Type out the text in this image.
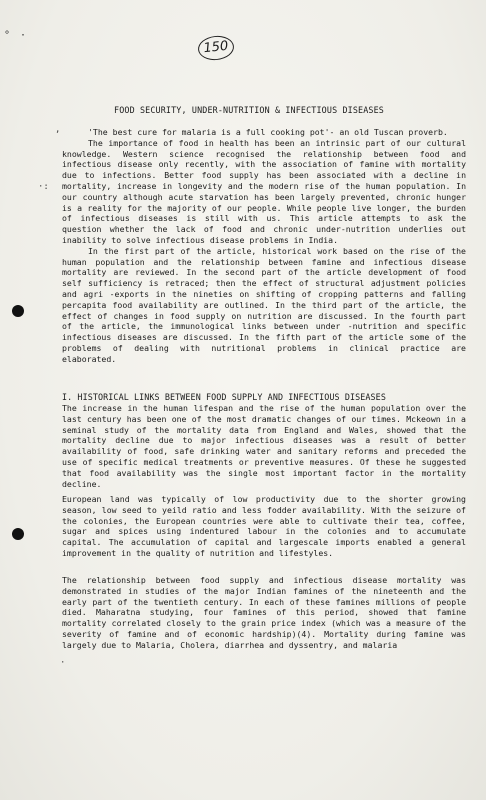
° ·
150
‚
·:
·
FOOD SECURITY, UNDER-NUTRITION & INFECTIOUS DISEASES

'The best cure for malaria is a full cooking pot'- an old Tuscan proverb.

The importance of food in health has been an intrinsic part of our cultural knowledge. Western science recognised the relationship between food and infectious disease only recently, with the association of famine with mortality due to infections. Better food supply has been associated with a decline in mortality, increase in longevity and the modern rise of the human population. In our country although acute starvation has been largely prevented, chronic hunger is a reality for the majority of our people. While people live longer, the burden of infectious diseases is still with us. This article attempts to ask the question whether the lack of food and chronic under-nutrition underlies out inability to solve infectious disease problems in India.

In the first part of the article, historical work based on the rise of the human population and the relationship between famine and infectious disease mortality are reviewed. In the second part of the article development of food self sufficiency is retraced; then the effect of structural adjustment policies and agri -exports in the nineties on shifting of cropping patterns and falling percapita food availability are outlined. In the third part of the article, the effect of changes in food supply on nutrition are discussed. In the fourth part of the article, the immunological links between under -nutrition and specific infectious diseases are discussed. In the fifth part of the article some of the problems of dealing with nutritional problems in clinical practice are elaborated.

I. HISTORICAL LINKS BETWEEN FOOD SUPPLY AND INFECTIOUS DISEASES

The increase in the human lifespan and the rise of the human population over the last century has been one of the most dramatic changes of our times. Mckeown in a seminal study of the mortality data from England and Wales, showed that the mortality decline due to major infectious diseases was a result of better availability of food, safe drinking water and sanitary reforms and preceded the use of specific medical treatments or preventive measures. Of these he suggested that food availability was the single most important factor in the mortality decline.

European land was typically of low productivity due to the shorter growing season, low seed to yeild ratio and less fodder availability. With the seizure of the colonies, the European countries were able to cultivate their tea, coffee, sugar and spices using indentured labour in the colonies and to accumulate capital. The accumulation of capital and largescale imports enabled a general improvement in the quality of nutrition and lifestyles.

The relationship between food supply and infectious disease mortality was demonstrated in studies of the major Indian famines of the nineteenth and the early part of the twentieth century. In each of these famines millions of people died. Maharatna studying, four famines of this period, showed that famine mortality correlated closely to the grain price index (which was a measure of the severity of famine and of economic hardship)(4). Mortality during famine was largely due to Malaria, Cholera, diarrhea and dyssentry, and malaria
